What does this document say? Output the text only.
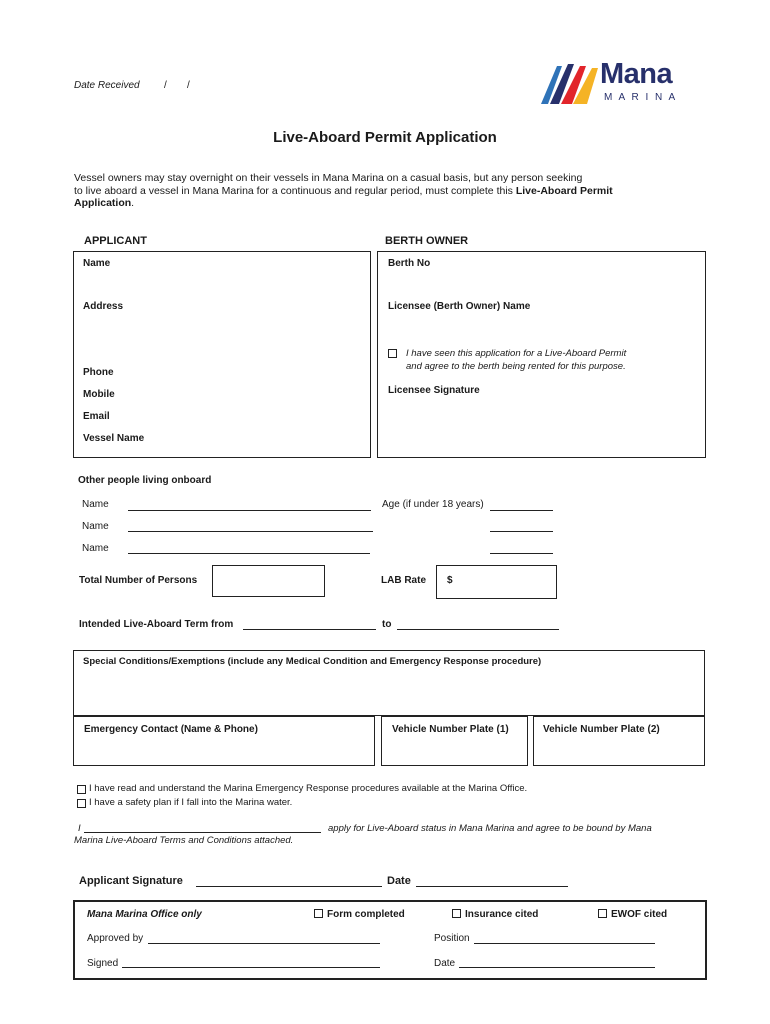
Date Received / /	Mana
M A R I N A
Live-Aboard Permit Application
Vessel owners may stay overnight on their vessels in Mana Marina on a casual basis, but any person seeking
to live aboard a vessel in Mana Marina for a continuous and regular period, must complete this Live-Aboard Permit
Application.
APPLICANT	BERTH OWNER
Name
Address
Phone
Mobile
Email
Vessel Name
Berth No
Licensee (Berth Owner) Name
I have seen this application for a Live-Aboard Permit
and agree to the berth being rented for this purpose.
Licensee Signature
Other people living onboard
Name	Age (if under 18 years)
Name
Name
Total Number of Persons	LAB Rate $
Intended Live-Aboard Term from	to
Special Conditions/Exemptions (include any Medical Condition and Emergency Response procedure)
Emergency Contact (Name & Phone)	Vehicle Number Plate (1)	Vehicle Number Plate (2)
I have read and understand the Marina Emergency Response procedures available at the Marina Office.
I have a safety plan if I fall into the Marina water.
I	apply for Live-Aboard status in Mana Marina and agree to be bound by Mana
Marina Live-Aboard Terms and Conditions attached.
Applicant Signature	Date
Mana Marina Office only	Form completed	Insurance cited	EWOF cited
Approved by	Position
Signed	Date
